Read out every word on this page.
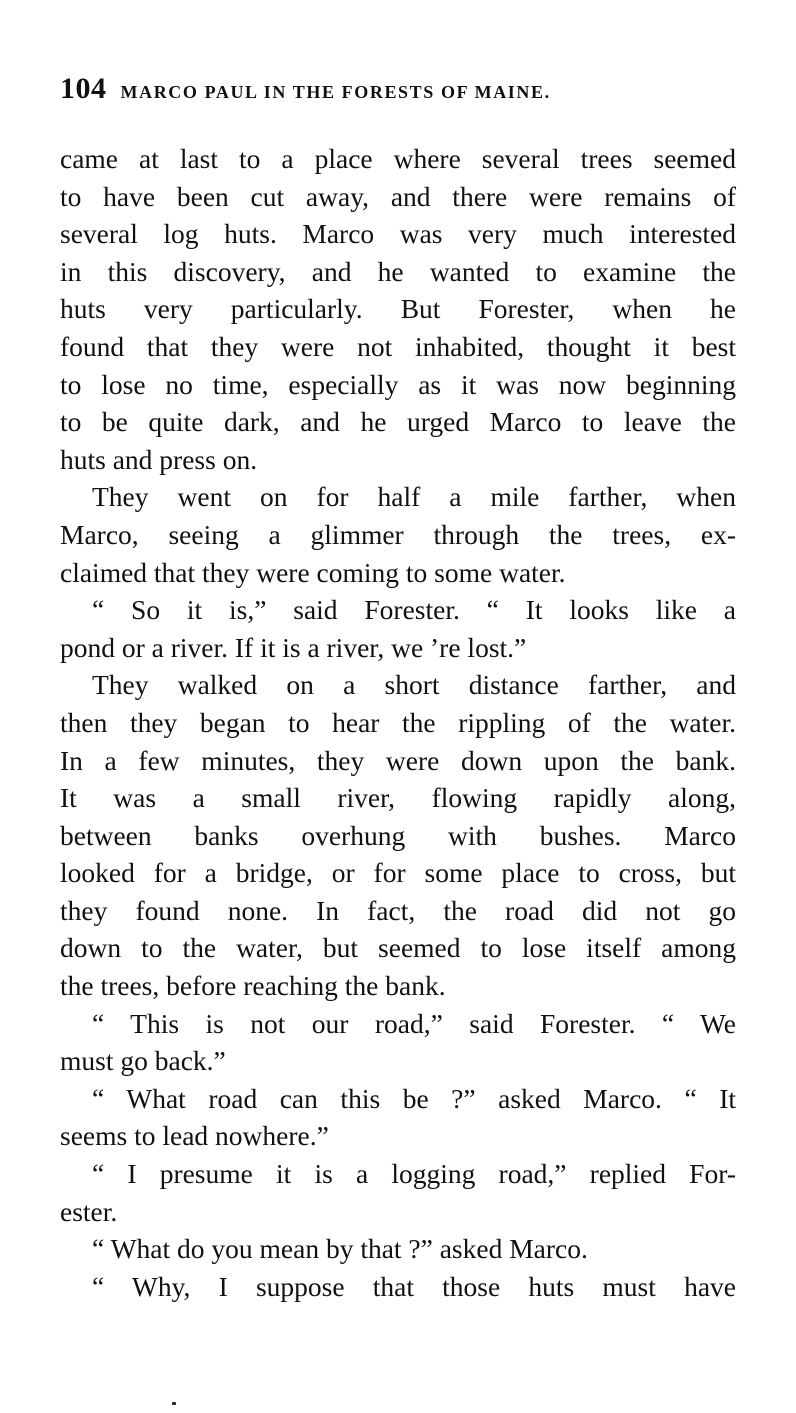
104 MARCO PAUL IN THE FORESTS OF MAINE.
came at last to a place where several trees seemed
to have been cut away, and there were remains of
several log huts. Marco was very much interested
in this discovery, and he wanted to examine the
huts very particularly. But Forester, when he
found that they were not inhabited, thought it best
to lose no time, especially as it was now beginning
to be quite dark, and he urged Marco to leave the
huts and press on.
They went on for half a mile farther, when
Marco, seeing a glimmer through the trees, ex-
claimed that they were coming to some water.
“ So it is,” said Forester. “ It looks like a
pond or a river. If it is a river, we ’re lost.”
They walked on a short distance farther, and
then they began to hear the rippling of the water.
In a few minutes, they were down upon the bank.
It was a small river, flowing rapidly along,
between banks overhung with bushes. Marco
looked for a bridge, or for some place to cross, but
they found none. In fact, the road did not go
down to the water, but seemed to lose itself among
the trees, before reaching the bank.
“ This is not our road,” said Forester. “ We
must go back.”
“ What road can this be ?” asked Marco. “ It
seems to lead nowhere.”
“ I presume it is a logging road,” replied For-
ester.
“ What do you mean by that ?” asked Marco.
“ Why, I suppose that those huts must have
